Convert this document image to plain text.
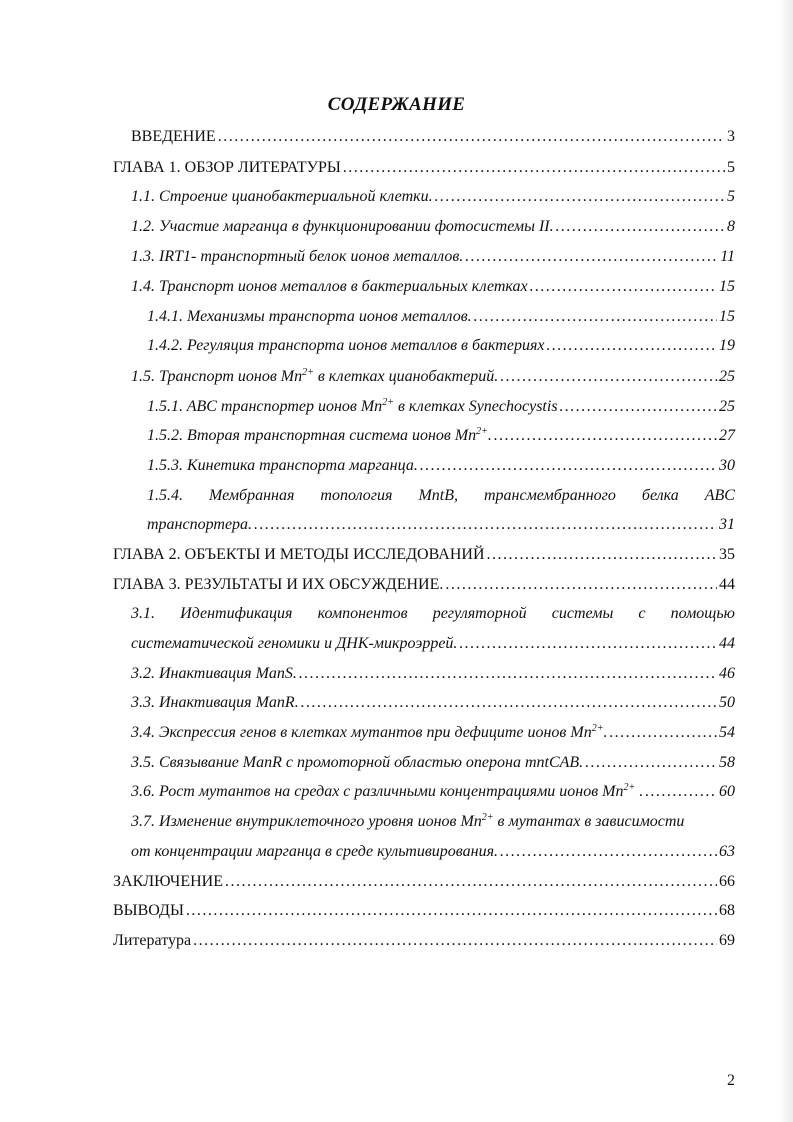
СОДЕРЖАНИЕ
ВВЕДЕНИЕ .....	3
ГЛАВА 1. ОБЗОР ЛИТЕРАТУРЫ .....	5
1.1. Строение цианобактериальной клетки. .....	5
1.2. Участие марганца в функционировании фотосистемы II. .....	8
1.3. IRT1- транспортный белок ионов металлов. .....	11
1.4. Транспорт ионов металлов в бактериальных клетках .....	15
1.4.1. Механизмы транспорта ионов металлов. .....	15
1.4.2. Регуляция транспорта ионов металлов в бактериях .....	19
1.5. Транспорт ионов $Mn^{2+}$ в клетках цианобактерий. .....	25
1.5.1. ABC транспортер ионов $Mn^{2+}$ в клетках Synechocystis .....	25
1.5.2. Вторая транспортная система ионов $Mn^{2+}$. .....	27
1.5.3. Кинетика транспорта марганца. .....	30
1.5.4. Мембранная топология MntB, трансмембранного белка ABC
транспортера. .....	31
ГЛАВА 2. ОБЪЕКТЫ И МЕТОДЫ ИССЛЕДОВАНИЙ .....	35
ГЛАВА 3. РЕЗУЛЬТАТЫ И ИХ ОБСУЖДЕНИЕ. .....	44
3.1. Идентификация компонентов регуляторной системы с помощью
систематической геномики и ДНК-микроэррей. .....	44
3.2. Инактивация ManS. .....	46
3.3. Инактивация ManR. .....	50
3.4. Экспрессия генов в клетках мутантов при дефиците ионов $Mn^{2+}$. .....	54
3.5. Связывание ManR с промоторной областью оперона mntCAB. .....	58
3.6. Рост мутантов на средах с различными концентрациями ионов $Mn^{2+}$ . .....	60
3.7. Изменение внутриклеточного уровня ионов $Mn^{2+}$ в мутантах в зависимости
от концентрации марганца в среде культивирования. .....	63
ЗАКЛЮЧЕНИЕ .....	66
ВЫВОДЫ .....	68
Литература .....	69
2
